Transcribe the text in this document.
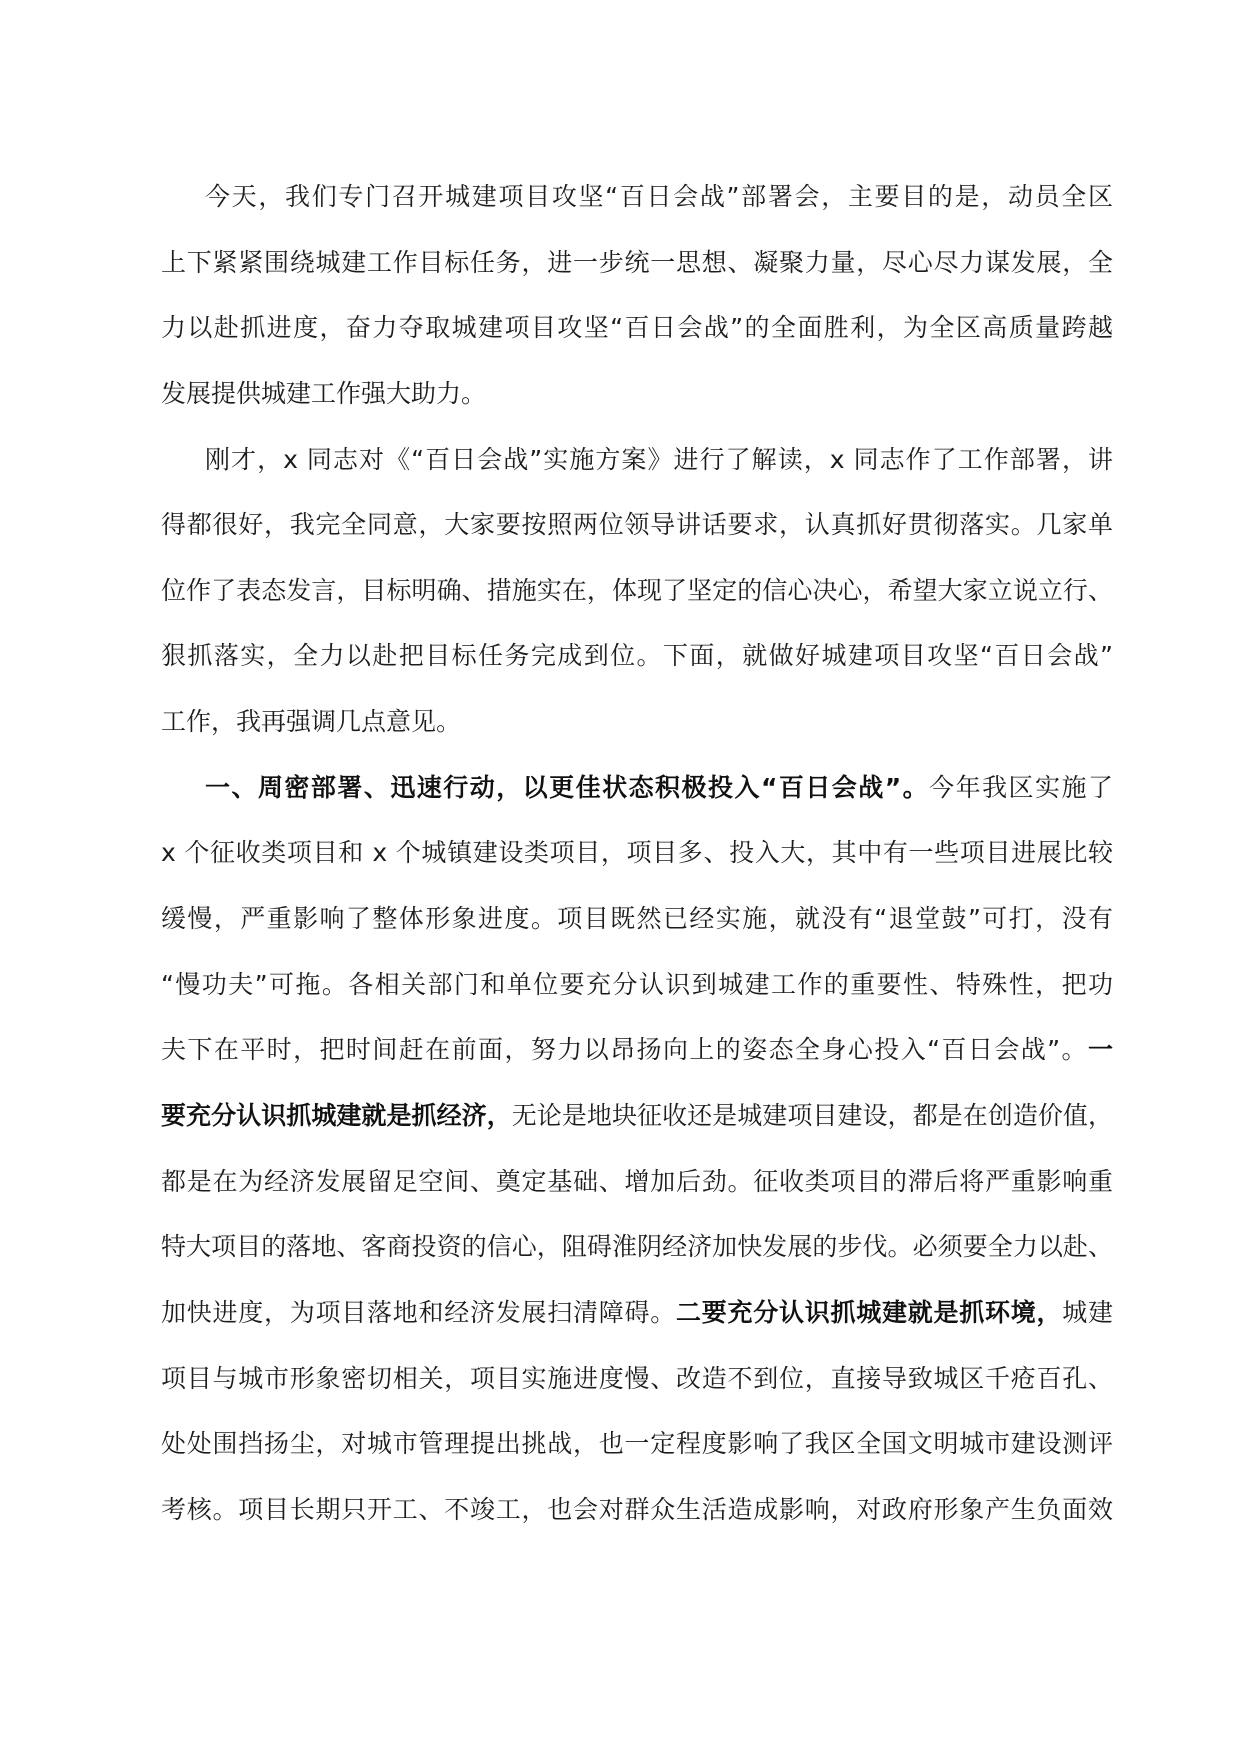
今天，我们专门召开城建项目攻坚“百日会战”部署会，主要目的是，动员全区
上下紧紧围绕城建工作目标任务，进一步统一思想、凝聚力量，尽心尽力谋发展，全
力以赴抓进度，奋力夺取城建项目攻坚“百日会战”的全面胜利，为全区高质量跨越
发展提供城建工作强大助力。
刚才，x 同志对《“百日会战”实施方案》进行了解读，x 同志作了工作部署，讲
得都很好，我完全同意，大家要按照两位领导讲话要求，认真抓好贯彻落实。几家单
位作了表态发言，目标明确、措施实在，体现了坚定的信心决心，希望大家立说立行、
狠抓落实，全力以赴把目标任务完成到位。下面，就做好城建项目攻坚“百日会战”
工作，我再强调几点意见。
一、周密部署、迅速行动，以更佳状态积极投入“百日会战”。今年我区实施了
x 个征收类项目和 x 个城镇建设类项目，项目多、投入大，其中有一些项目进展比较
缓慢，严重影响了整体形象进度。项目既然已经实施，就没有“退堂鼓”可打，没有
“慢功夫”可拖。各相关部门和单位要充分认识到城建工作的重要性、特殊性，把功
夫下在平时，把时间赶在前面，努力以昂扬向上的姿态全身心投入“百日会战”。一
要充分认识抓城建就是抓经济，无论是地块征收还是城建项目建设，都是在创造价值，
都是在为经济发展留足空间、奠定基础、增加后劲。征收类项目的滞后将严重影响重
特大项目的落地、客商投资的信心，阻碍淮阴经济加快发展的步伐。必须要全力以赴、
加快进度，为项目落地和经济发展扫清障碍。二要充分认识抓城建就是抓环境，城建
项目与城市形象密切相关，项目实施进度慢、改造不到位，直接导致城区千疮百孔、
处处围挡扬尘，对城市管理提出挑战，也一定程度影响了我区全国文明城市建设测评
考核。项目长期只开工、不竣工，也会对群众生活造成影响，对政府形象产生负面效
